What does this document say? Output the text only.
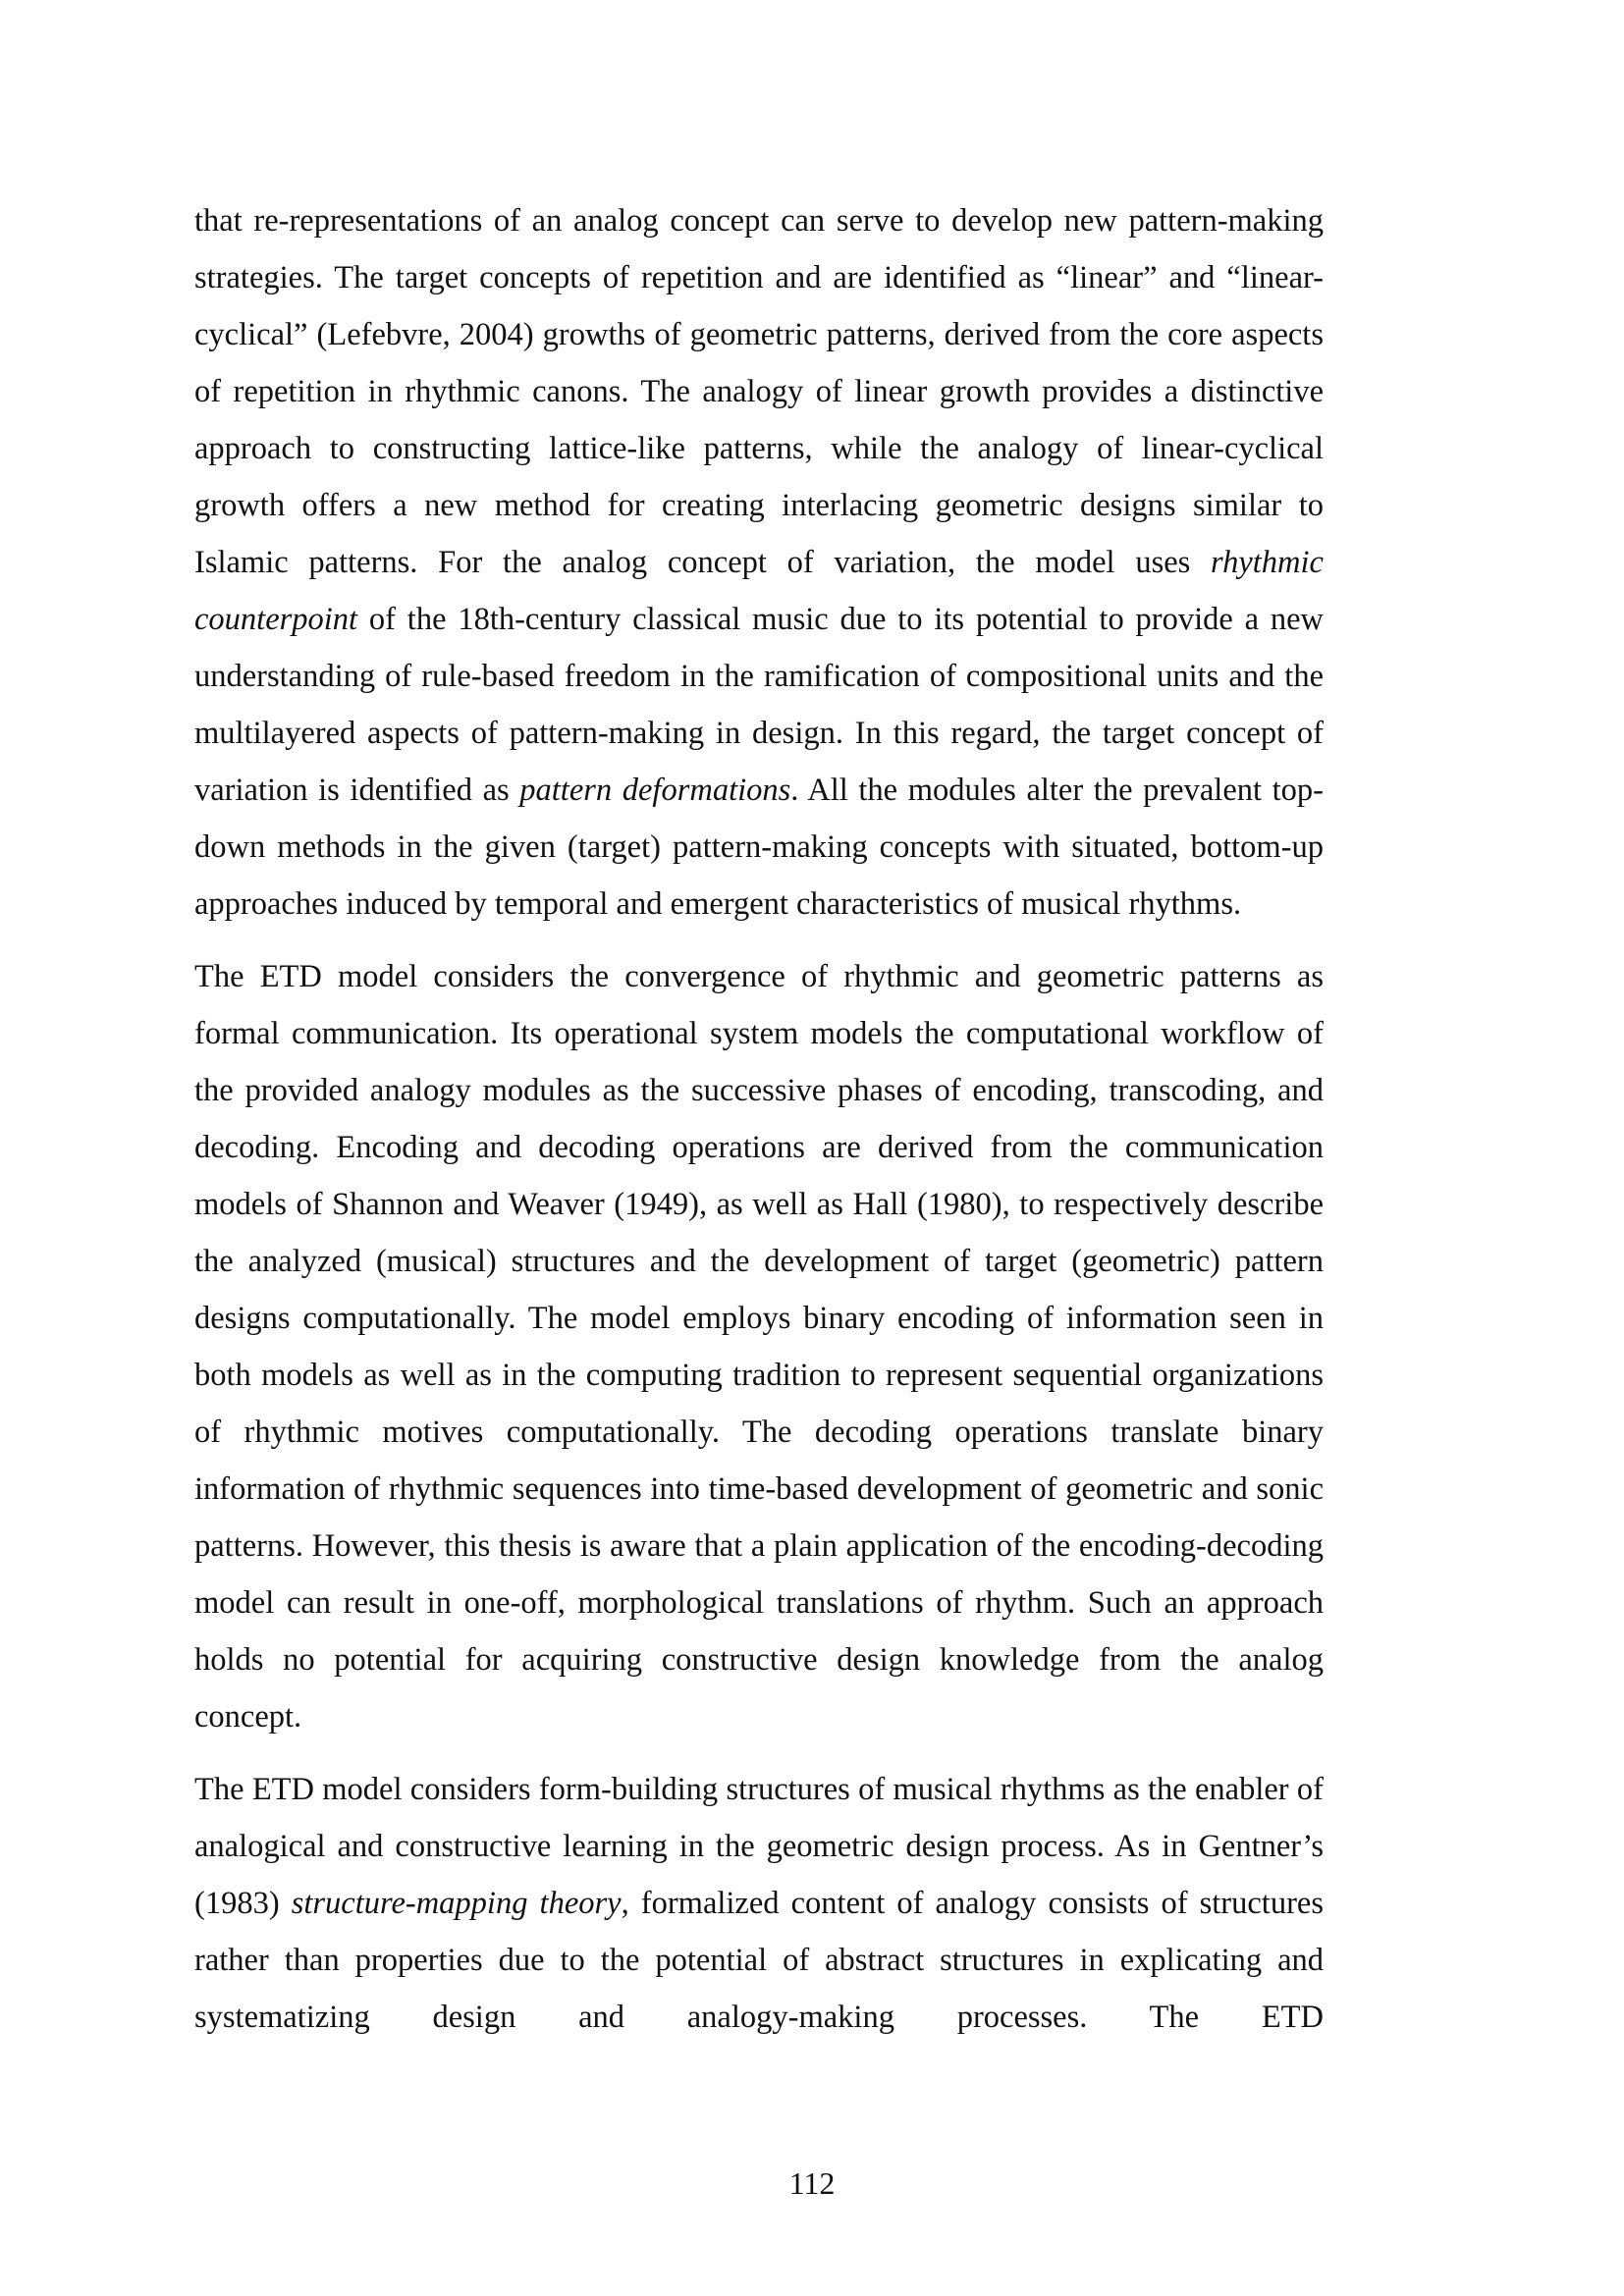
that re-representations of an analog concept can serve to develop new pattern-making strategies. The target concepts of repetition and are identified as “linear” and “linear-cyclical” (Lefebvre, 2004) growths of geometric patterns, derived from the core aspects of repetition in rhythmic canons. The analogy of linear growth provides a distinctive approach to constructing lattice-like patterns, while the analogy of linear-cyclical growth offers a new method for creating interlacing geometric designs similar to Islamic patterns. For the analog concept of variation, the model uses rhythmic counterpoint of the 18th-century classical music due to its potential to provide a new understanding of rule-based freedom in the ramification of compositional units and the multilayered aspects of pattern-making in design. In this regard, the target concept of variation is identified as pattern deformations. All the modules alter the prevalent top-down methods in the given (target) pattern-making concepts with situated, bottom-up approaches induced by temporal and emergent characteristics of musical rhythms.

The ETD model considers the convergence of rhythmic and geometric patterns as formal communication. Its operational system models the computational workflow of the provided analogy modules as the successive phases of encoding, transcoding, and decoding. Encoding and decoding operations are derived from the communication models of Shannon and Weaver (1949), as well as Hall (1980), to respectively describe the analyzed (musical) structures and the development of target (geometric) pattern designs computationally. The model employs binary encoding of information seen in both models as well as in the computing tradition to represent sequential organizations of rhythmic motives computationally. The decoding operations translate binary information of rhythmic sequences into time-based development of geometric and sonic patterns. However, this thesis is aware that a plain application of the encoding-decoding model can result in one-off, morphological translations of rhythm. Such an approach holds no potential for acquiring constructive design knowledge from the analog concept.

The ETD model considers form-building structures of musical rhythms as the enabler of analogical and constructive learning in the geometric design process. As in Gentner’s (1983) structure-mapping theory, formalized content of analogy consists of structures rather than properties due to the potential of abstract structures in explicating and systematizing design and analogy-making processes. The ETD

112
